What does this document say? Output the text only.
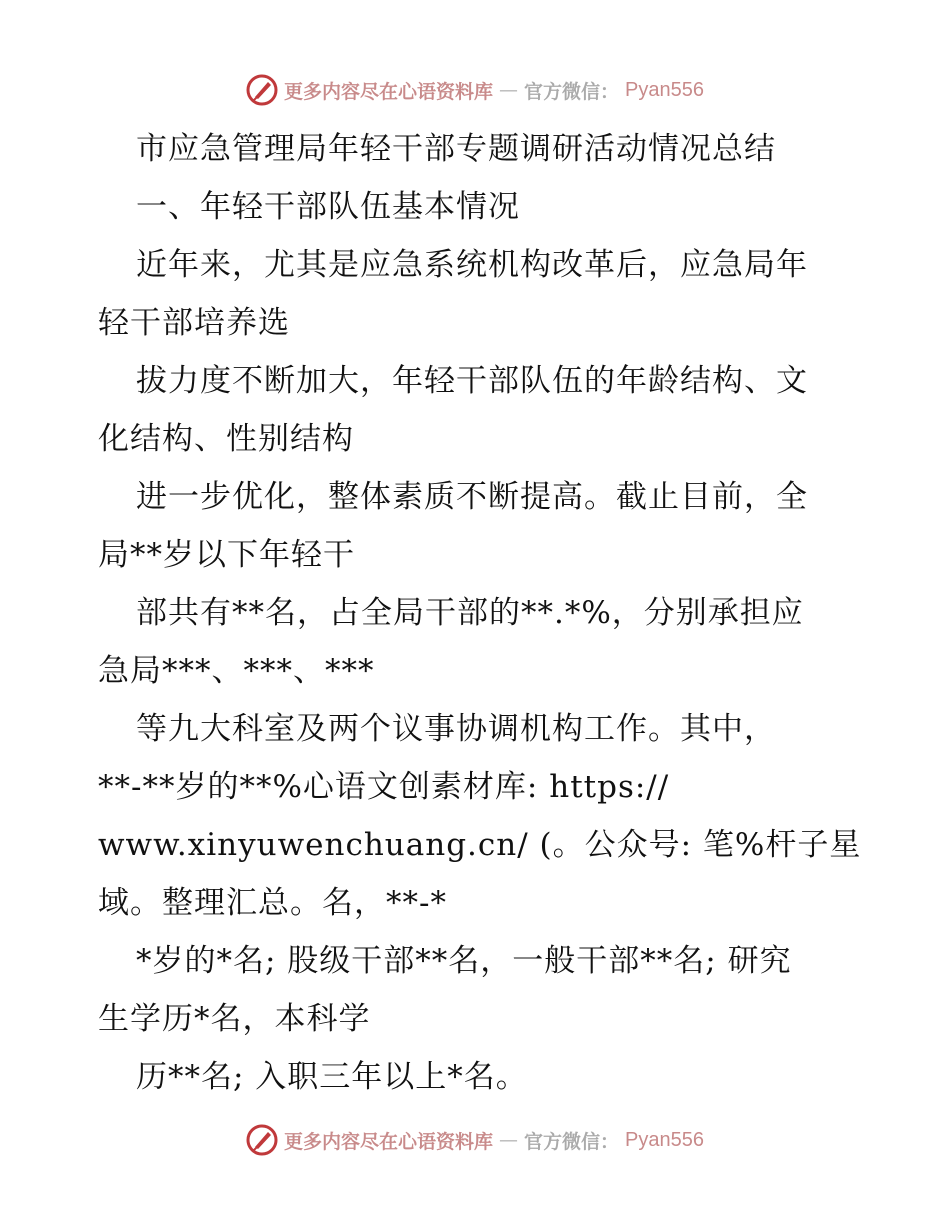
更多内容尽在心语资料库 — 官方微信： Pyan556
市应急管理局年轻干部专题调研活动情况总结
一、年轻干部队伍基本情况
近年来，尤其是应急系统机构改革后，应急局年
轻干部培养选
拔力度不断加大，年轻干部队伍的年龄结构、文
化结构、性别结构
进一步优化，整体素质不断提高。截止目前，全
局**岁以下年轻干
部共有**名，占全局干部的**.*%，分别承担应
急局***、***、***
等九大科室及两个议事协调机构工作。其中，
**-**岁的**%心语文创素材库: https://
www.xinyuwenchuang.cn/ (。公众号: 笔%杆子星
域。整理汇总。名，**-*
*岁的*名; 股级干部**名，一般干部**名; 研究
生学历*名，本科学
历**名; 入职三年以上*名。
更多内容尽在心语资料库 — 官方微信： Pyan556
